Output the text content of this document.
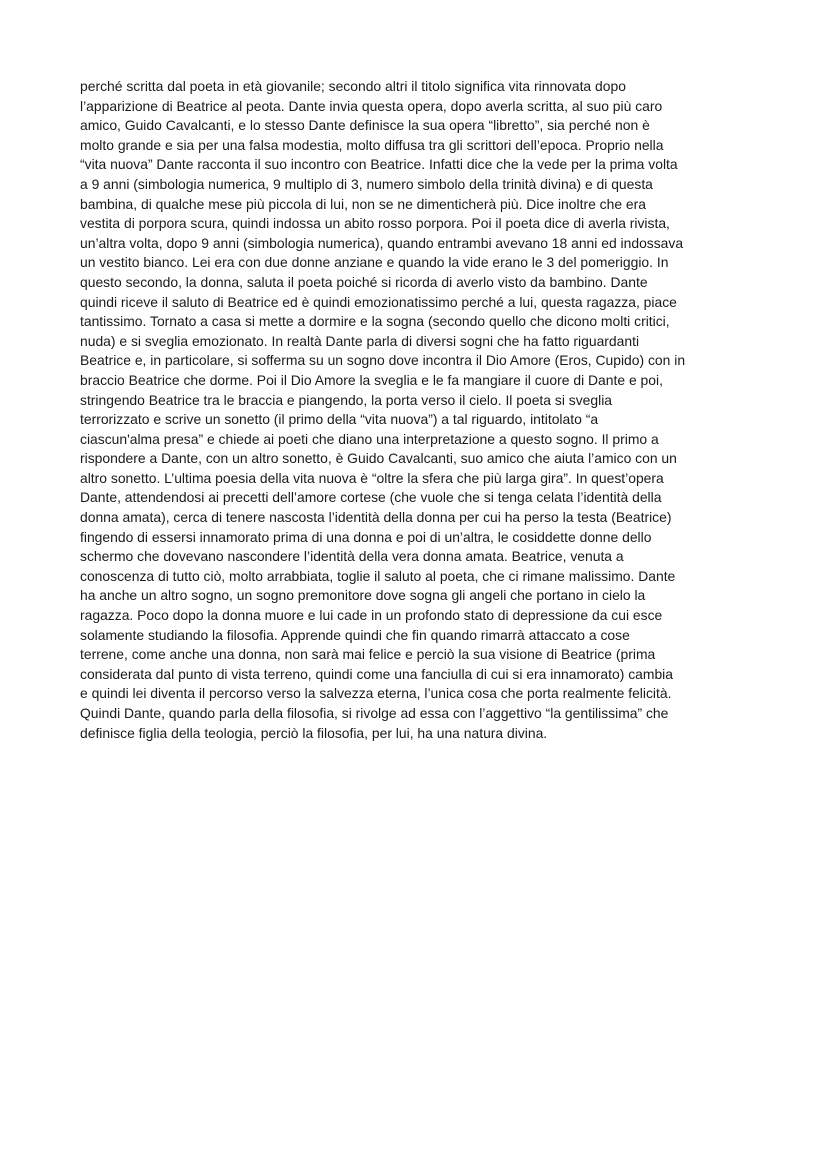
perché scritta dal poeta in età giovanile; secondo altri il titolo significa vita rinnovata dopo
l’apparizione di Beatrice al peota. Dante invia questa opera, dopo averla scritta, al suo più caro
amico, Guido Cavalcanti, e lo stesso Dante definisce la sua opera “libretto”, sia perché non è
molto grande e sia per una falsa modestia, molto diffusa tra gli scrittori dell’epoca. Proprio nella
“vita nuova” Dante racconta il suo incontro con Beatrice. Infatti dice che la vede per la prima volta
a 9 anni (simbologia numerica, 9 multiplo di 3, numero simbolo della trinità divina) e di questa
bambina, di qualche mese più piccola di lui, non se ne dimenticherà più. Dice inoltre che era
vestita di porpora scura, quindi indossa un abito rosso porpora. Poi il poeta dice di averla rivista,
un’altra volta, dopo 9 anni (simbologia numerica), quando entrambi avevano 18 anni ed indossava
un vestito bianco. Lei era con due donne anziane e quando la vide erano le 3 del pomeriggio. In
questo secondo, la donna, saluta il poeta poiché si ricorda di averlo visto da bambino. Dante
quindi riceve il saluto di Beatrice ed è quindi emozionatissimo perché a lui, questa ragazza, piace
tantissimo. Tornato a casa si mette a dormire e la sogna (secondo quello che dicono molti critici,
nuda) e si sveglia emozionato. In realtà Dante parla di diversi sogni che ha fatto riguardanti
Beatrice e, in particolare, si sofferma su un sogno dove incontra il Dio Amore (Eros, Cupido) con in
braccio Beatrice che dorme. Poi il Dio Amore la sveglia e le fa mangiare il cuore di Dante e poi,
stringendo Beatrice tra le braccia e piangendo, la porta verso il cielo. Il poeta si sveglia
terrorizzato e scrive un sonetto (il primo della “vita nuova”) a tal riguardo, intitolato “a
ciascun'alma presa” e chiede ai poeti che diano una interpretazione a questo sogno. Il primo a
rispondere a Dante, con un altro sonetto, è Guido Cavalcanti, suo amico che aiuta l’amico con un
altro sonetto. L’ultima poesia della vita nuova è “oltre la sfera che più larga gira”. In quest’opera
Dante, attendendosi ai precetti dell’amore cortese (che vuole che si tenga celata l’identità della
donna amata), cerca di tenere nascosta l’identità della donna per cui ha perso la testa (Beatrice)
fingendo di essersi innamorato prima di una donna e poi di un’altra, le cosiddette donne dello
schermo che dovevano nascondere l’identità della vera donna amata. Beatrice, venuta a
conoscenza di tutto ciò, molto arrabbiata, toglie il saluto al poeta, che ci rimane malissimo. Dante
ha anche un altro sogno, un sogno premonitore dove sogna gli angeli che portano in cielo la
ragazza. Poco dopo la donna muore e lui cade in un profondo stato di depressione da cui esce
solamente studiando la filosofia. Apprende quindi che fin quando rimarrà attaccato a cose
terrene, come anche una donna, non sarà mai felice e perciò la sua visione di Beatrice (prima
considerata dal punto di vista terreno, quindi come una fanciulla di cui si era innamorato) cambia
e quindi lei diventa il percorso verso la salvezza eterna, l’unica cosa che porta realmente felicità.
Quindi Dante, quando parla della filosofia, si rivolge ad essa con l’aggettivo “la gentilissima” che
definisce figlia della teologia, perciò la filosofia, per lui, ha una natura divina.
